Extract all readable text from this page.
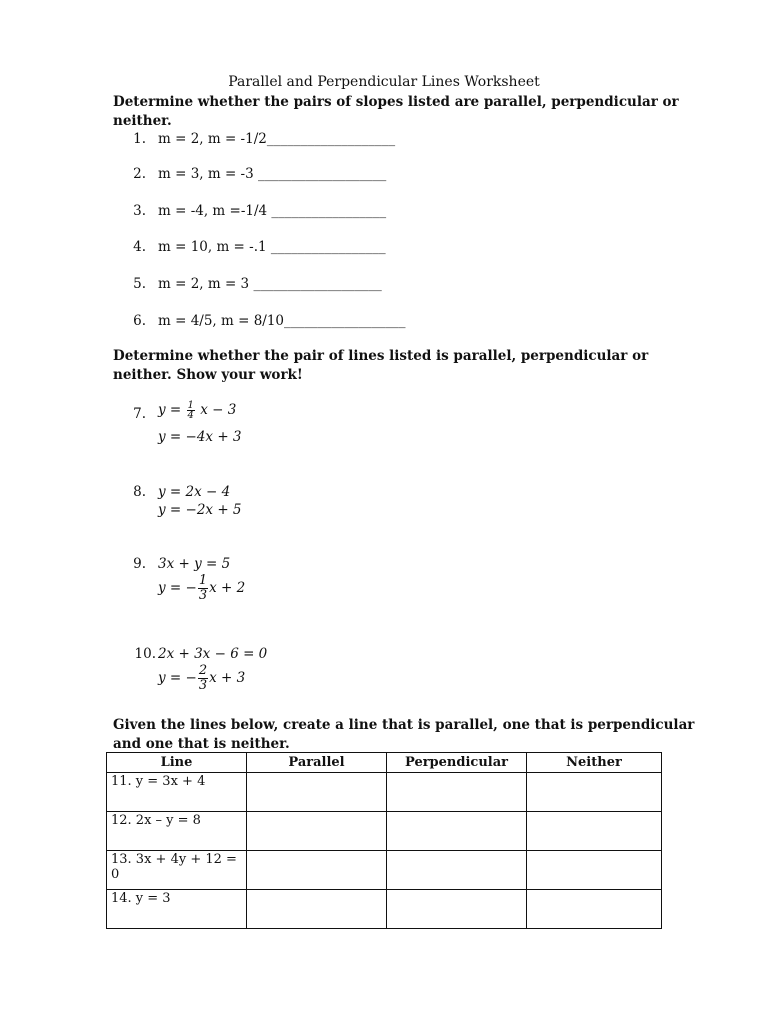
Parallel and Perpendicular Lines Worksheet
Determine whether the pairs of slopes listed are parallel, perpendicular or
neither.
1. m = 2, m = -1/2___________________
2. m = 3, m = -3 ___________________
3. m = -4, m =-1/4 _________________
4. m = 10, m = -.1 _________________
5. m = 2, m = 3 ___________________
6. m = 4/5, m = 8/10__________________
Determine whether the pair of lines listed is parallel, perpendicular or
neither. Show your work!
7. $y = \frac{1}{4}$ x − 3
y = −4x + 3
8. y = 2x − 4
y = −2x + 5
9. 3x + y = 5
y = − $\frac{1}{3}$ x + 2
10. 2x + 3x − 6 = 0
y = − $\frac{2}{3}$ x + 3
Given the lines below, create a line that is parallel, one that is perpendicular
and one that is neither.
Line	Parallel	Perpendicular	Neither
11. y = 3x + 4			
12. 2x – y = 8			
13. 3x + 4y + 12 = 0			
14. y = 3			
